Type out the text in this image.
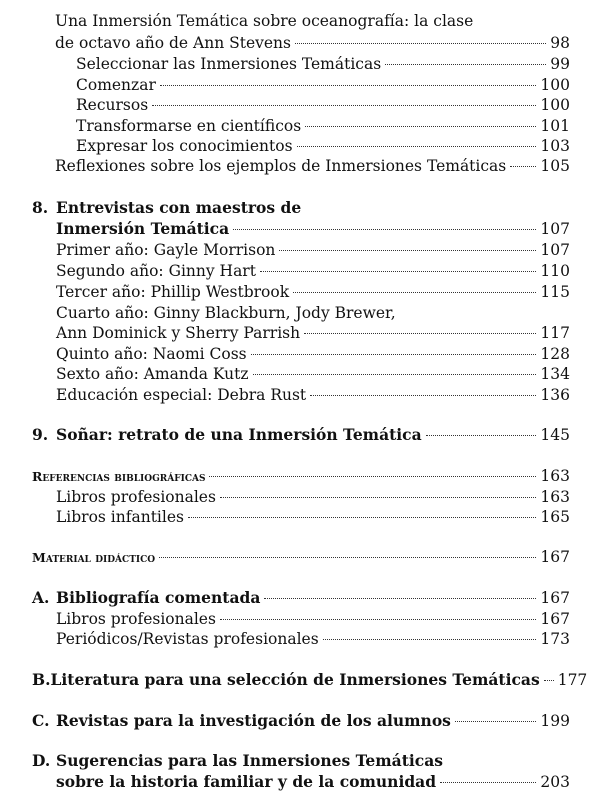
Una Inmersión Temática sobre oceanografía: la clase
de octavo año de Ann Stevens	98
Seleccionar las Inmersiones Temáticas	99
Comenzar	100
Recursos	100
Transformarse en científicos	101
Expresar los conocimientos	103
Reflexiones sobre los ejemplos de Inmersiones Temáticas 105
8. Entrevistas con maestros de
Inmersión Temática	107
Primer año: Gayle Morrison	107
Segundo año: Ginny Hart	110
Tercer año: Phillip Westbrook	115
Cuarto año: Ginny Blackburn, Jody Brewer,
Ann Dominick y Sherry Parrish	117
Quinto año: Naomi Coss	128
Sexto año: Amanda Kutz	134
Educación especial: Debra Rust	136
9. Soñar: retrato de una Inmersión Temática	145
Referencias bibliográficas	163
Libros profesionales	163
Libros infantiles	165
Material didáctico	167
A. Bibliografía comentada	167
Libros profesionales	167
Periódicos/Revistas profesionales	173
B. Literatura para una selección de Inmersiones Temáticas 177
C. Revistas para la investigación de los alumnos	199
D. Sugerencias para las Inmersiones Temáticas
sobre la historia familiar y de la comunidad	203
